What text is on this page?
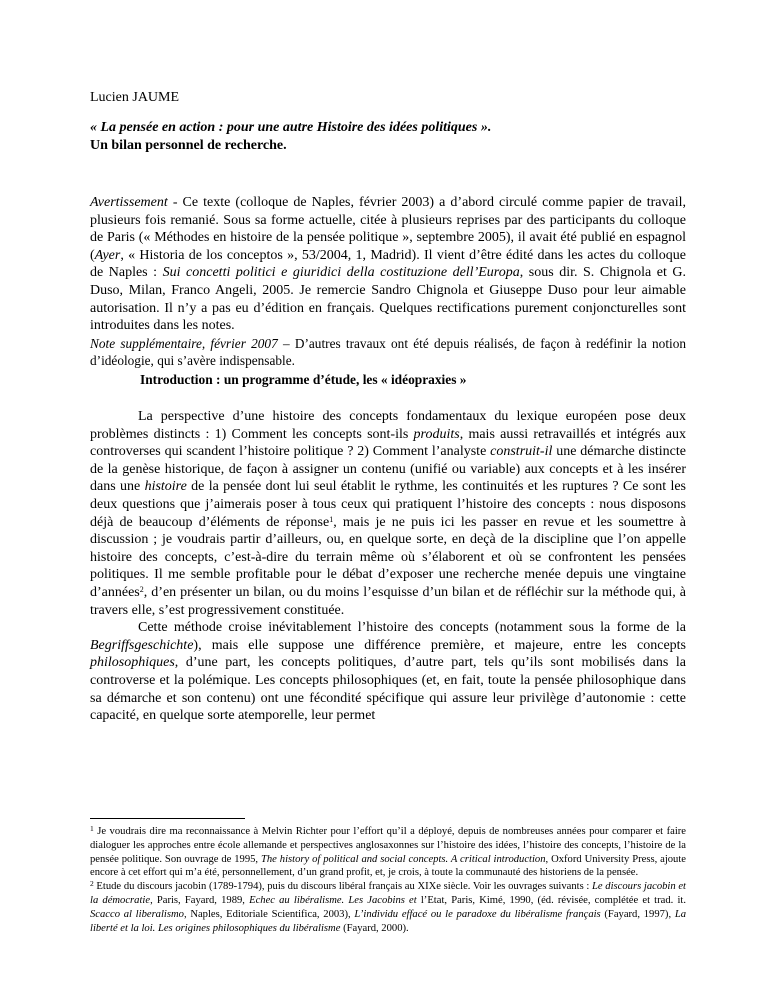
Lucien JAUME
« La pensée en action : pour une autre Histoire des idées politiques ».
Un bilan personnel de recherche.

Avertissement - Ce texte (colloque de Naples, février 2003) a d’abord circulé comme papier de travail, plusieurs fois remanié. Sous sa forme actuelle, citée à plusieurs reprises par des participants du colloque de Paris (« Méthodes en histoire de la pensée politique », septembre 2005), il avait été publié en espagnol (Ayer, « Historia de los conceptos », 53/2004, 1, Madrid). Il vient d’être édité dans les actes du colloque de Naples : Sui concetti politici e giuridici della costituzione dell’Europa, sous dir. S. Chignola et G. Duso, Milan, Franco Angeli, 2005. Je remercie Sandro Chignola et Giuseppe Duso pour leur aimable autorisation. Il n’y a pas eu d’édition en français. Quelques rectifications purement conjoncturelles sont introduites dans les notes.

Note supplémentaire, février 2007 – D’autres travaux ont été depuis réalisés, de façon à redéfinir la notion d’idéologie, qui s’avère indispensable.

Introduction : un programme d’étude, les « idéopraxies »

La perspective d’une histoire des concepts fondamentaux du lexique européen pose deux problèmes distincts : 1) Comment les concepts sont-ils produits, mais aussi retravaillés et intégrés aux controverses qui scandent l’histoire politique ? 2) Comment l’analyste construit-il une démarche distincte de la genèse historique, de façon à assigner un contenu (unifié ou variable) aux concepts et à les insérer dans une histoire de la pensée dont lui seul établit le rythme, les continuités et les ruptures ? Ce sont les deux questions que j’aimerais poser à tous ceux qui pratiquent l’histoire des concepts : nous disposons déjà de beaucoup d’éléments de réponse$^1$, mais je ne puis ici les passer en revue et les soumettre à discussion ; je voudrais partir d’ailleurs, ou, en quelque sorte, en deçà de la discipline que l’on appelle histoire des concepts, c’est-à-dire du terrain même où s’élaborent et où se confrontent les pensées politiques. Il me semble profitable pour le débat d’exposer une recherche menée depuis une vingtaine d’années$^2$, d’en présenter un bilan, ou du moins l’esquisse d’un bilan et de réfléchir sur la méthode qui, à travers elle, s’est progressivement constituée.

Cette méthode croise inévitablement l’histoire des concepts (notamment sous la forme de la Begriffsgeschichte), mais elle suppose une différence première, et majeure, entre les concepts philosophiques, d’une part, les concepts politiques, d’autre part, tels qu’ils sont mobilisés dans la controverse et la polémique. Les concepts philosophiques (et, en fait, toute la pensée philosophique dans sa démarche et son contenu) ont une fécondité spécifique qui assure leur privilège d’autonomie : cette capacité, en quelque sorte atemporelle, leur permet

$^1$ Je voudrais dire ma reconnaissance à Melvin Richter pour l’effort qu’il a déployé, depuis de nombreuses années pour comparer et faire dialoguer les approches entre école allemande et perspectives anglosaxonnes sur l’histoire des idées, l’histoire des concepts, l’histoire de la pensée politique. Son ouvrage de 1995, The history of political and social concepts. A critical introduction, Oxford University Press, ajoute encore à cet effort qui m’a été, personnellement, d’un grand profit, et, je crois, à toute la communauté des historiens de la pensée.

$^2$ Etude du discours jacobin (1789-1794), puis du discours libéral français au XIXe siècle. Voir les ouvrages suivants : Le discours jacobin et la démocratie, Paris, Fayard, 1989, Echec au libéralisme. Les Jacobins et l’Etat, Paris, Kimé, 1990, (éd. révisée, complétée et trad. it. Scacco al liberalismo, Naples, Editoriale Scientifica, 2003), L’individu effacé ou le paradoxe du libéralisme français (Fayard, 1997), La liberté et la loi. Les origines philosophiques du libéralisme (Fayard, 2000).
